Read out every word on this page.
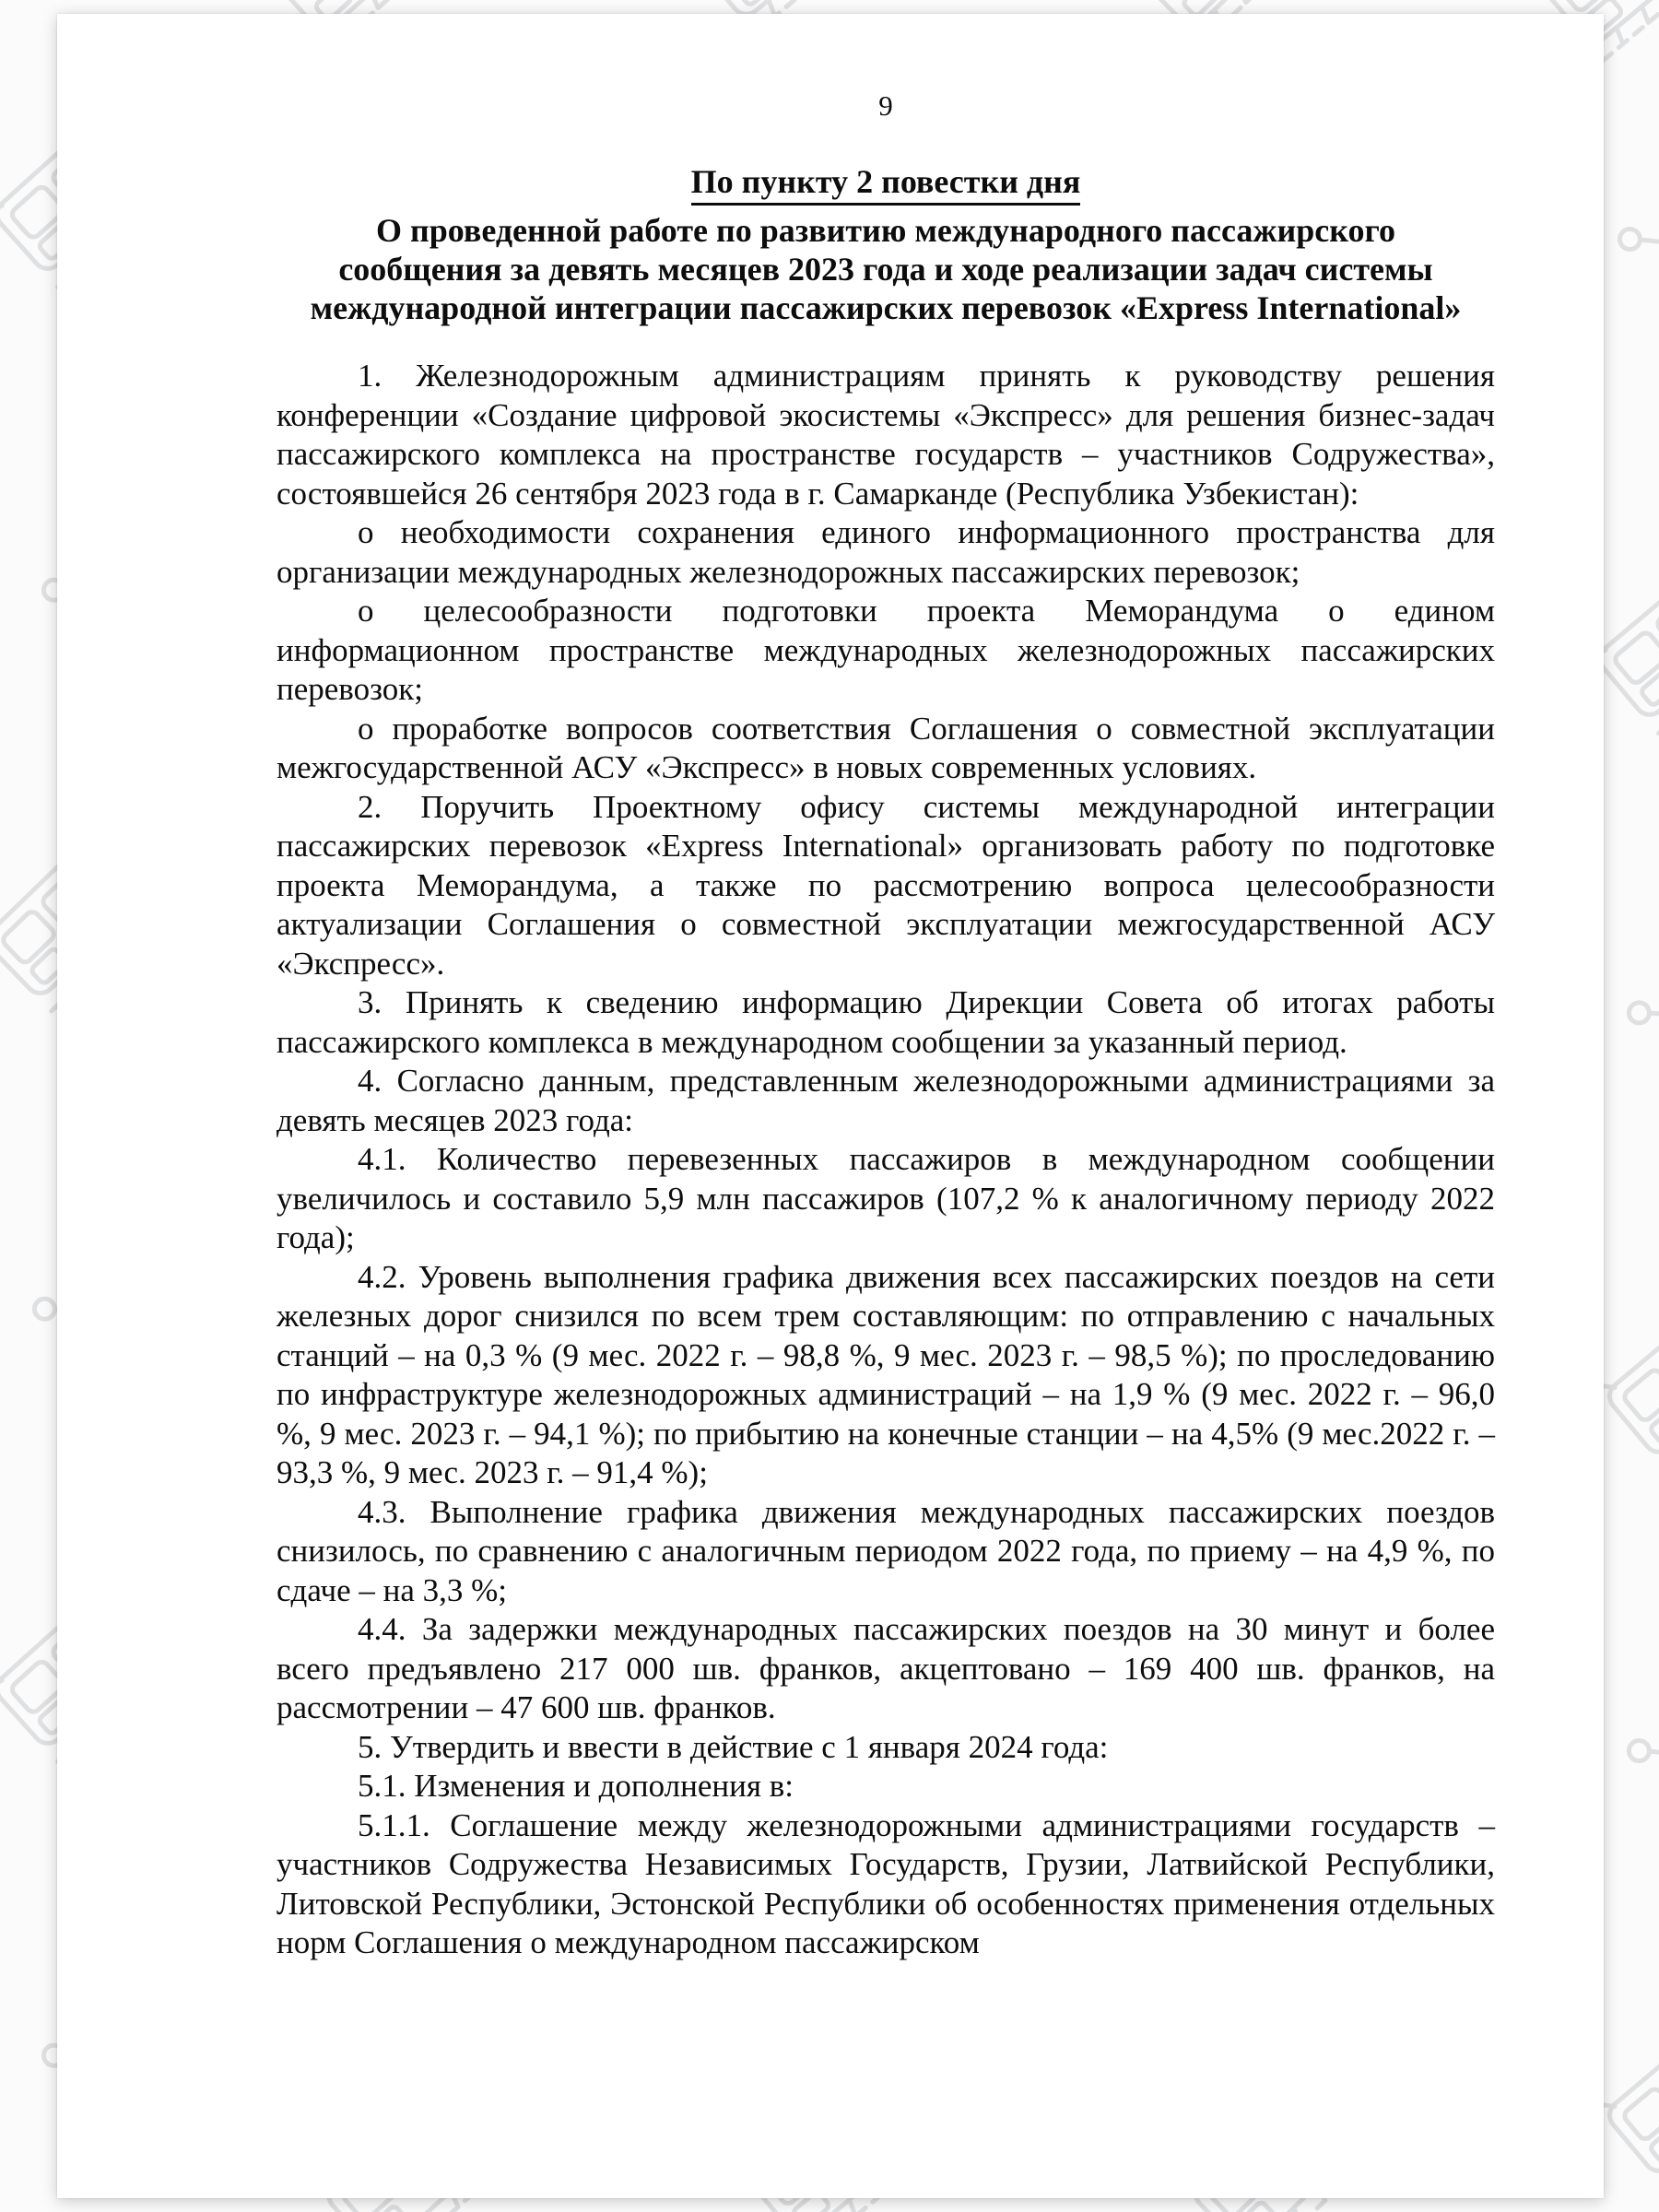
9
По пункту 2 повестки дня
О проведенной работе по развитию международного пассажирского
сообщения за девять месяцев 2023 года и ходе реализации задач системы
международной интеграции пассажирских перевозок «Express International»

1. Железнодорожным администрациям принять к руководству решения конференции «Создание цифровой экосистемы «Экспресс» для решения бизнес-задач пассажирского комплекса на пространстве государств – участников Содружества», состоявшейся 26 сентября 2023 года в г. Самарканде (Республика Узбекистан):

о необходимости сохранения единого информационного пространства для организации международных железнодорожных пассажирских перевозок;

о целесообразности подготовки проекта Меморандума о едином информационном пространстве международных железнодорожных пассажирских перевозок;

о проработке вопросов соответствия Соглашения о совместной эксплуатации межгосударственной АСУ «Экспресс» в новых современных условиях.

2. Поручить Проектному офису системы международной интеграции пассажирских перевозок «Express International» организовать работу по подготовке проекта Меморандума, а также по рассмотрению вопроса целесообразности актуализации Соглашения о совместной эксплуатации межгосударственной АСУ «Экспресс».

3. Принять к сведению информацию Дирекции Совета об итогах работы пассажирского комплекса в международном сообщении за указанный период.

4. Согласно данным, представленным железнодорожными администрациями за девять месяцев 2023 года:

4.1. Количество перевезенных пассажиров в международном сообщении увеличилось и составило 5,9 млн пассажиров (107,2 % к аналогичному периоду 2022 года);

4.2. Уровень выполнения графика движения всех пассажирских поездов на сети железных дорог снизился по всем трем составляющим: по отправлению с начальных станций – на 0,3 % (9 мес. 2022 г. – 98,8 %, 9 мес. 2023 г. – 98,5 %); по проследованию по инфраструктуре железнодорожных администраций – на 1,9 % (9 мес. 2022 г. – 96,0 %, 9 мес. 2023 г. – 94,1 %); по прибытию на конечные станции – на 4,5% (9 мес.2022 г. – 93,3 %, 9 мес. 2023 г. – 91,4 %);

4.3. Выполнение графика движения международных пассажирских поездов снизилось, по сравнению с аналогичным периодом 2022 года, по приему – на 4,9 %, по сдаче – на 3,3 %;

4.4. За задержки международных пассажирских поездов на 30 минут и более всего предъявлено 217 000 шв. франков, акцептовано – 169 400 шв. франков, на рассмотрении – 47 600 шв. франков.

5. Утвердить и ввести в действие с 1 января 2024 года:

5.1. Изменения и дополнения в:

5.1.1. Соглашение между железнодорожными администрациями государств – участников Содружества Независимых Государств, Грузии, Латвийской Республики, Литовской Республики, Эстонской Республики об особенностях применения отдельных норм Соглашения о международном пассажирском
